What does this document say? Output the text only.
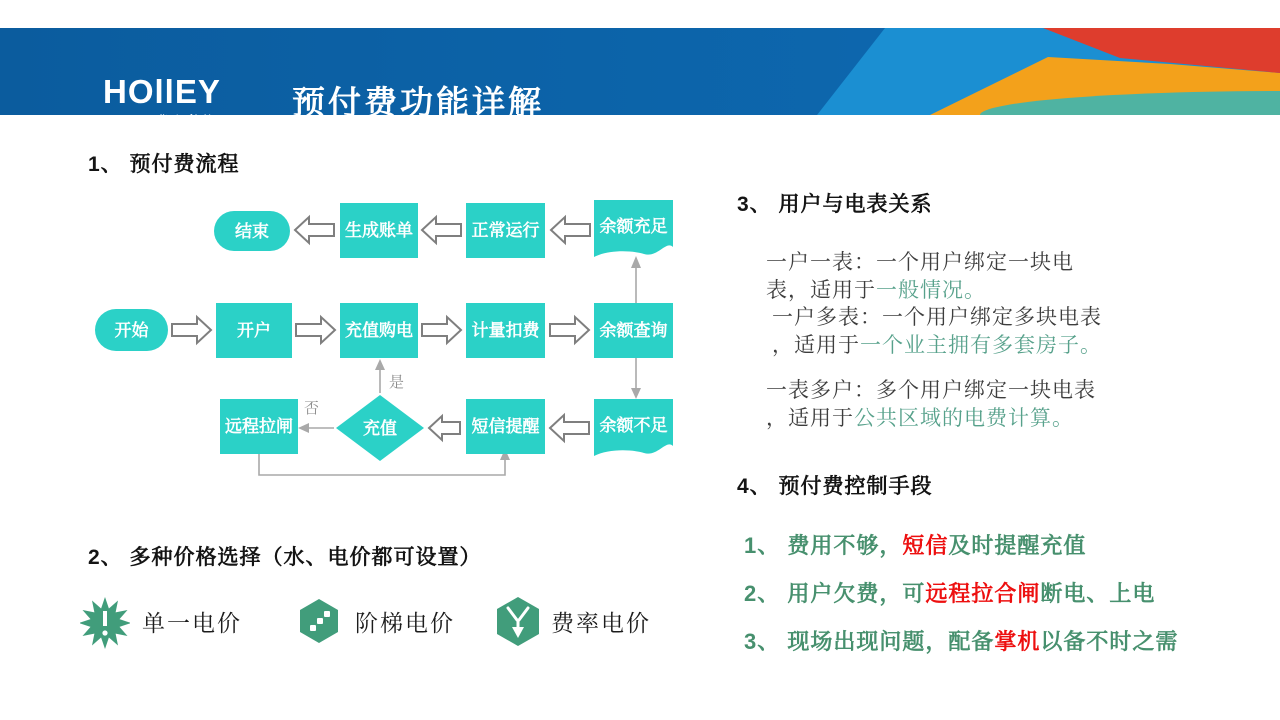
HOllEY
TECH 华立科技 预付费功能详解
1、 预付费流程
是
否
结束	生成账单	正常运行	余额充足
开始	开户	充值购电	计量扣费	余额查询
远程拉闸	充值	短信提醒	余额不足
2、 多种价格选择（水、电价都可设置）
单一电价	阶梯电价	费率电价
3、 用户与电表关系
一户一表：一个用户绑定一块电
表，适用于一般情况。
一户多表：一个用户绑定多块电表
，适用于一个业主拥有多套房子。
一表多户：多个用户绑定一块电表
，适用于公共区域的电费计算。
4、 预付费控制手段
1、 费用不够，短信及时提醒充值
2、 用户欠费，可远程拉合闸断电、上电
3、 现场出现问题，配备掌机以备不时之需
